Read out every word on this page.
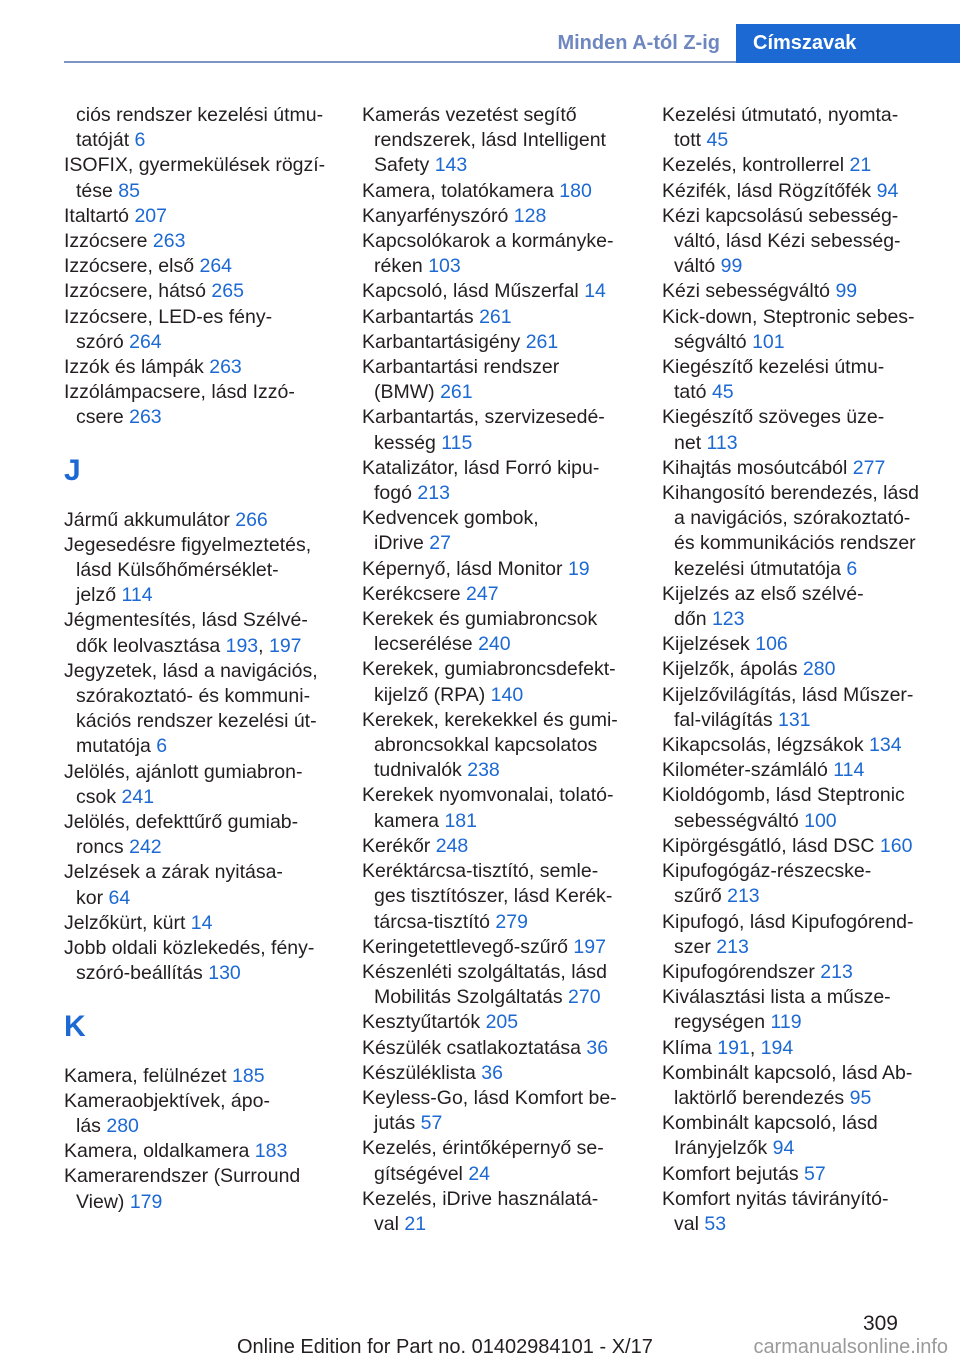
Minden A-tól Z-ig	Címszavak
ciós rendszer kezelési útmu-
tatóját 6
ISOFIX, gyermekülések rögzí-
tése 85
Italtartó 207
Izzócsere 263
Izzócsere, első 264
Izzócsere, hátsó 265
Izzócsere, LED-es fény-
szóró 264
Izzók és lámpák 263
Izzólámpacsere, lásd Izzó-
csere 263
J
Jármű akkumulátor 266
Jegesedésre figyelmeztetés,
lásd Külsőhőmérséklet-
jelző 114
Jégmentesítés, lásd Szélvé-
dők leolvasztása 193, 197
Jegyzetek, lásd a navigációs,
szórakoztató- és kommuni-
kációs rendszer kezelési út-
mutatója 6
Jelölés, ajánlott gumiabron-
csok 241
Jelölés, defekttűrő gumiab-
roncs 242
Jelzések a zárak nyitása-
kor 64
Jelzőkürt, kürt 14
Jobb oldali közlekedés, fény-
szóró-beállítás 130
K
Kamera, felülnézet 185
Kameraobjektívek, ápo-
lás 280
Kamera, oldalkamera 183
Kamerarendszer (Surround
View) 179
Kamerás vezetést segítő
rendszerek, lásd Intelligent
Safety 143
Kamera, tolatókamera 180
Kanyarfényszóró 128
Kapcsolókarok a kormányke-
réken 103
Kapcsoló, lásd Műszerfal 14
Karbantartás 261
Karbantartásigény 261
Karbantartási rendszer
(BMW) 261
Karbantartás, szervizesedé-
kesség 115
Katalizátor, lásd Forró kipu-
fogó 213
Kedvencek gombok,
iDrive 27
Képernyő, lásd Monitor 19
Kerékcsere 247
Kerekek és gumiabroncsok
lecserélése 240
Kerekek, gumiabroncsdefekt-
kijelző (RPA) 140
Kerekek, kerekekkel és gumi-
abroncsokkal kapcsolatos
tudnivalók 238
Kerekek nyomvonalai, tolató-
kamera 181
Kerékőr 248
Keréktárcsa-tisztító, semle-
ges tisztítószer, lásd Kerék-
tárcsa-tisztító 279
Keringetettlevegő-szűrő 197
Készenléti szolgáltatás, lásd
Mobilitás Szolgáltatás 270
Kesztyűtartók 205
Készülék csatlakoztatása 36
Készüléklista 36
Keyless-Go, lásd Komfort be-
jutás 57
Kezelés, érintőképernyő se-
gítségével 24
Kezelés, iDrive használatá-
val 21
Kezelési útmutató, nyomta-
tott 45
Kezelés, kontrollerrel 21
Kézifék, lásd Rögzítőfék 94
Kézi kapcsolású sebesség-
váltó, lásd Kézi sebesség-
váltó 99
Kézi sebességváltó 99
Kick-down, Steptronic sebes-
ségváltó 101
Kiegészítő kezelési útmu-
tató 45
Kiegészítő szöveges üze-
net 113
Kihajtás mosóutcából 277
Kihangosító berendezés, lásd
a navigációs, szórakoztató-
és kommunikációs rendszer
kezelési útmutatója 6
Kijelzés az első szélvé-
dőn 123
Kijelzések 106
Kijelzők, ápolás 280
Kijelzővilágítás, lásd Műszer-
fal-világítás 131
Kikapcsolás, légzsákok 134
Kilométer-számláló 114
Kioldógomb, lásd Steptronic
sebességváltó 100
Kipörgésgátló, lásd DSC 160
Kipufogógáz-részecske-
szűrő 213
Kipufogó, lásd Kipufogórend-
szer 213
Kipufogórendszer 213
Kiválasztási lista a műsze-
regységen 119
Klíma 191, 194
Kombinált kapcsoló, lásd Ab-
laktörlő berendezés 95
Kombinált kapcsoló, lásd
Irányjelzők 94
Komfort bejutás 57
Komfort nyitás távirányító-
val 53
309
Online Edition for Part no. 01402984101 - X/17	carmanualsonline.info
